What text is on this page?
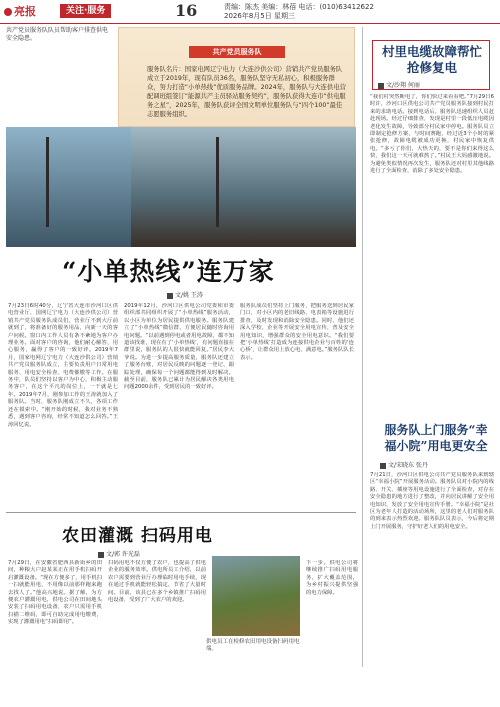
亮报	关注·服务	16	责编：陈杰 美编：林蓓 电话：(010)63412622
2026年8月5日 星期三
共产党员服务队队员帮助客户排查供电安全隐患。
共产党员服务队
服务队名片：国家电网辽宁电力（大连沙供公司）营销共产党员服务队成立于2019年，现有队员36名，服务队坚守无私初心，积极服务群众，努力打造“小单热线”优质服务品牌。2024年，服务队与大连供电营配调班组签订“能源共产主员驿站服务契约”，服务队获得大连市“供电服务之星”，2025年，服务队获评全国文明单位服务队与“四个100”最佳志愿服务组织。
“小单热线”连万家
文/姚 王涛
7月23日6时40分，辽宁省大连市沙河口区供电营业厅，国网辽宁电力（大连沙供公司）营销共产党员服务队成员们，营业厅不到大厅前就到了，将准备好的服务用品，向新一天的客户问候。窗口内工作人员有条不紊地为客户办理业务。面对客户的咨询，他们耐心解答，用心服务，赢得了客户的一致好评。2019年7月，国家电网辽宁电力（大连沙供公司）营销共产党员服务队成立，主要负责用户日常用电服务、用电安全检查、电费催缴等工作。在服务中，队员们坚持以客户为中心，积极主动服务客户，在这个平凡的岗位上，一干就是七年。2019年7月，刚参加工作的王涛就加入了服务队。当时，服务队刚成立不久，各项工作还在摸索中。“刚开始的时候，我对业务不熟悉，遇到客户咨询，经常不知道怎么回答。”王涛回忆说。
2019年12月，沙河口区供电公司党委和市委组织部共同组织开展了“小单热线”服务活动，以小区为单位为居民提供供电服务。服务队建立了“小单热线”微信群，方便居民随时咨询用电问题。“以前遇到停电或者用电故障，都不知道该找谁，现在有了‘小单热线’，有问题直接在群里说，服务队的人很快就能回复。”居民李大爷说。为进一步提高服务质量，服务队还建立了服务台账，对居民反映的问题逐一登记、跟踪处理，确保每一个问题都能得到及时解决。截至目前，服务队已累计为居民解决各类用电问题2000余件，受到居民的一致好评。
服务队成员们坚持上门服务，把服务送到居民家门口，对小区内的老旧线路、电表箱等设施进行排查，及时发现和消除安全隐患。同时，他们还深入学校、企业等开展安全用电宣传，普及安全用电知识，增强群众的安全用电意识。“我们要把‘小单热线’打造成为连接供电企业与百姓的‘连心桥’，让群众用上放心电、满意电。”服务队队长表示。
村里电缆故障帮忙抢修复电
文/沙翔 何丽
“我们村突然断电了，你们快过来看看吧。”7月29日6时许，沙河口区供电公司共产党员服务队接到村民打来的求助电话。接到电话后，服务队迅速组织人员赶赴现场。经过仔细排查，发现是村里一段低压电缆因老化发生故障，导致部分村民家中停电。服务队员立即制定抢修方案，与时间赛跑，经过近3个小时的紧张抢修，故障电缆被成功更换，村民家中恢复供电。“多亏了你们，大热天的，要不是你们来得这么快，我们这一天可就难熬了。”村民王大妈感激地说。为避免类似情况再次发生，服务队还对村里其他线路进行了全面检查，消除了多处安全隐患。
服务队上门服务“幸福小院”用电更安全
文/宋晓东 张丹
7月21日，沙河口区供电公司共产党员服务队来到辖区“幸福小院”开展服务活动。服务队员对小院内的线路、开关、插座等用电设施进行了全面检查，对存在安全隐患的地方进行了整改，并向居民讲解了安全用电知识，发放了安全用电宣传手册。“幸福小院”是社区为老年人打造的活动场所，这里的老人们对服务队的到来表示热烈欢迎。服务队队员表示，今后将定期上门开展服务，守护好老人们的用电安全。
农田灌溉 扫码用电
文/郭 许光磊
7月29日，在安徽省肥西县新街乡的田间，种粮大户赵某某正在用手机扫码开启灌溉设备。“现在方便多了，用手机扫一扫就能用电，不用像以前那样跑来跑去找人了。”他高兴地说。据了解，为方便农户灌溉用电，供电公司在田间地头安装了扫码用电设备，农户只需用手机扫描二维码，即可自助完成用电缴费，实现了灌溉用电“扫码即用”。
扫码用电不仅方便了农户，也提高了供电企业的服务效率。供电所员工介绍，以前农户需要到营业厅办理临时用电手续，现在通过手机就能轻松搞定，节省了大量时间。目前，该县已在多个乡镇推广扫码用电设备，受到了广大农户的欢迎。
供电员工在检修农田用电设备扫码用电端。
下一步，供电公司将继续推广扫码用电服务，扩大覆盖范围，为乡村振兴提供坚强的电力保障。
